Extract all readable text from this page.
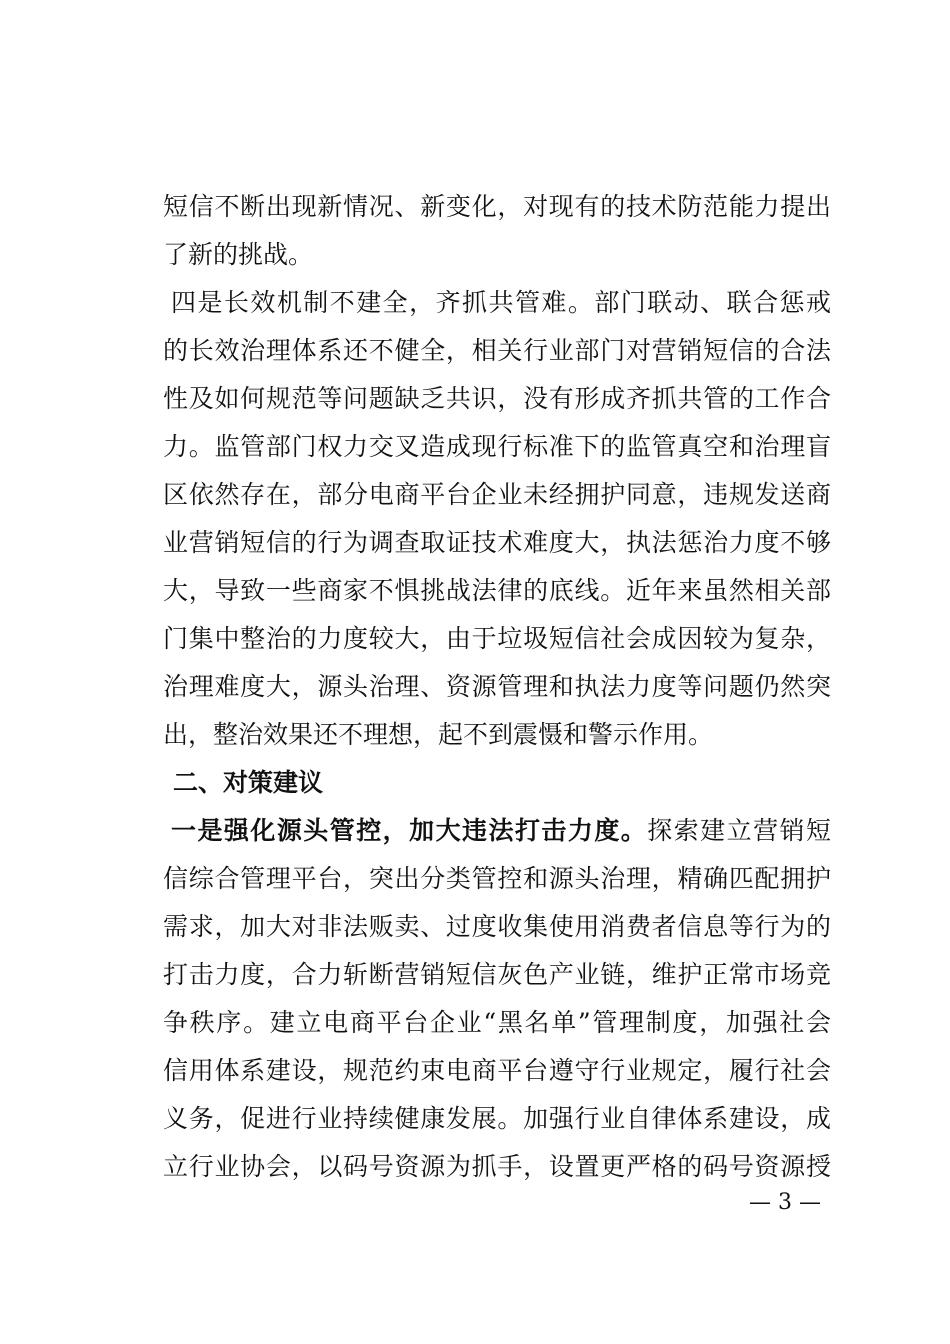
短信不断出现新情况、新变化，对现有的技术防范能力提出
了新的挑战。
四是长效机制不建全，齐抓共管难。部门联动、联合惩戒
的长效治理体系还不健全，相关行业部门对营销短信的合法
性及如何规范等问题缺乏共识，没有形成齐抓共管的工作合
力。监管部门权力交叉造成现行标准下的监管真空和治理盲
区依然存在，部分电商平台企业未经拥护同意，违规发送商
业营销短信的行为调查取证技术难度大，执法惩治力度不够
大，导致一些商家不惧挑战法律的底线。近年来虽然相关部
门集中整治的力度较大，由于垃圾短信社会成因较为复杂，
治理难度大，源头治理、资源管理和执法力度等问题仍然突
出，整治效果还不理想，起不到震慑和警示作用。
二、对策建议
一是强化源头管控，加大违法打击力度。探索建立营销短
信综合管理平台，突出分类管控和源头治理，精确匹配拥护
需求，加大对非法贩卖、过度收集使用消费者信息等行为的
打击力度，合力斩断营销短信灰色产业链，维护正常市场竞
争秩序。建立电商平台企业“黑名单”管理制度，加强社会
信用体系建设，规范约束电商平台遵守行业规定，履行社会
义务，促进行业持续健康发展。加强行业自律体系建设，成
立行业协会，以码号资源为抓手，设置更严格的码号资源授
— 3 —
